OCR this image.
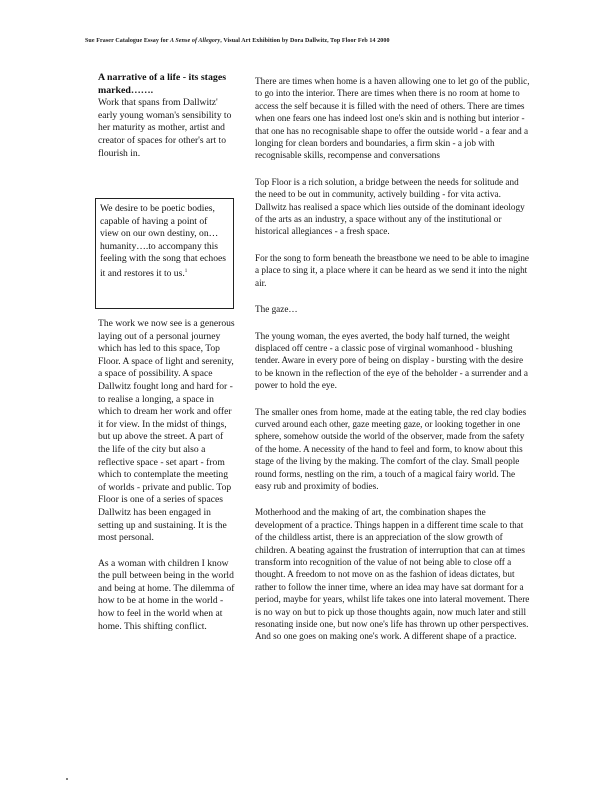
Sue Fraser Catalogue Essay for A Sense of Allegory, Visual Art Exhibition by Dora Dallwitz, Top Floor Feb 14 2000

A narrative of a life - its stages marked…….

Work that spans from Dallwitz' early young woman's sensibility to her maturity as mother, artist and creator of spaces for other's art to flourish in.

We desire to be poetic bodies, capable of having a point of view on our own destiny, on…humanity….to accompany this feeling with the song that echoes it and restores it to us.$^1$

The work we now see is a generous laying out of a personal journey which has led to this space, Top Floor. A space of light and serenity, a space of possibility. A space Dallwitz fought long and hard for - to realise a longing, a space in which to dream her work and offer it for view. In the midst of things, but up above the street. A part of the life of the city but also a reflective space - set apart - from which to contemplate the meeting of worlds - private and public. Top Floor is one of a series of spaces Dallwitz has been engaged in setting up and sustaining. It is the most personal.

As a woman with children I know the pull between being in the world and being at home. The dilemma of how to be at home in the world - how to feel in the world when at home. This shifting conflict.

There are times when home is a haven allowing one to let go of the public, to go into the interior. There are times when there is no room at home to access the self because it is filled with the need of others. There are times when one fears one has indeed lost one's skin and is nothing but interior - that one has no recognisable shape to offer the outside world - a fear and a longing for clean borders and boundaries, a firm skin - a job with recognisable skills, recompense and conversations

Top Floor is a rich solution, a bridge between the needs for solitude and the need to be out in community, actively building - for vita activa. Dallwitz has realised a space which lies outside of the dominant ideology of the arts as an industry, a space without any of the institutional or historical allegiances - a fresh space.

For the song to form beneath the breastbone we need to be able to imagine a place to sing it, a place where it can be heard as we send it into the night air.

The gaze…

The young woman, the eyes averted, the body half turned, the weight displaced off centre - a classic pose of virginal womanhood - blushing tender. Aware in every pore of being on display - bursting with the desire to be known in the reflection of the eye of the beholder - a surrender and a power to hold the eye.

The smaller ones from home, made at the eating table, the red clay bodies curved around each other, gaze meeting gaze, or looking together in one sphere, somehow outside the world of the observer, made from the safety of the home. A necessity of the hand to feel and form, to know about this stage of the living by the making. The comfort of the clay. Small people round forms, nestling on the rim, a touch of a magical fairy world. The easy rub and proximity of bodies.

Motherhood and the making of art, the combination shapes the development of a practice. Things happen in a different time scale to that of the childless artist, there is an appreciation of the slow growth of children. A beating against the frustration of interruption that can at times transform into recognition of the value of not being able to close off a thought. A freedom to not move on as the fashion of ideas dictates, but rather to follow the inner time, where an idea may have sat dormant for a period, maybe for years, whilst life takes one into lateral movement. There is no way on but to pick up those thoughts again, now much later and still resonating inside one, but now one's life has thrown up other perspectives. And so one goes on making one's work. A different shape of a practice.
